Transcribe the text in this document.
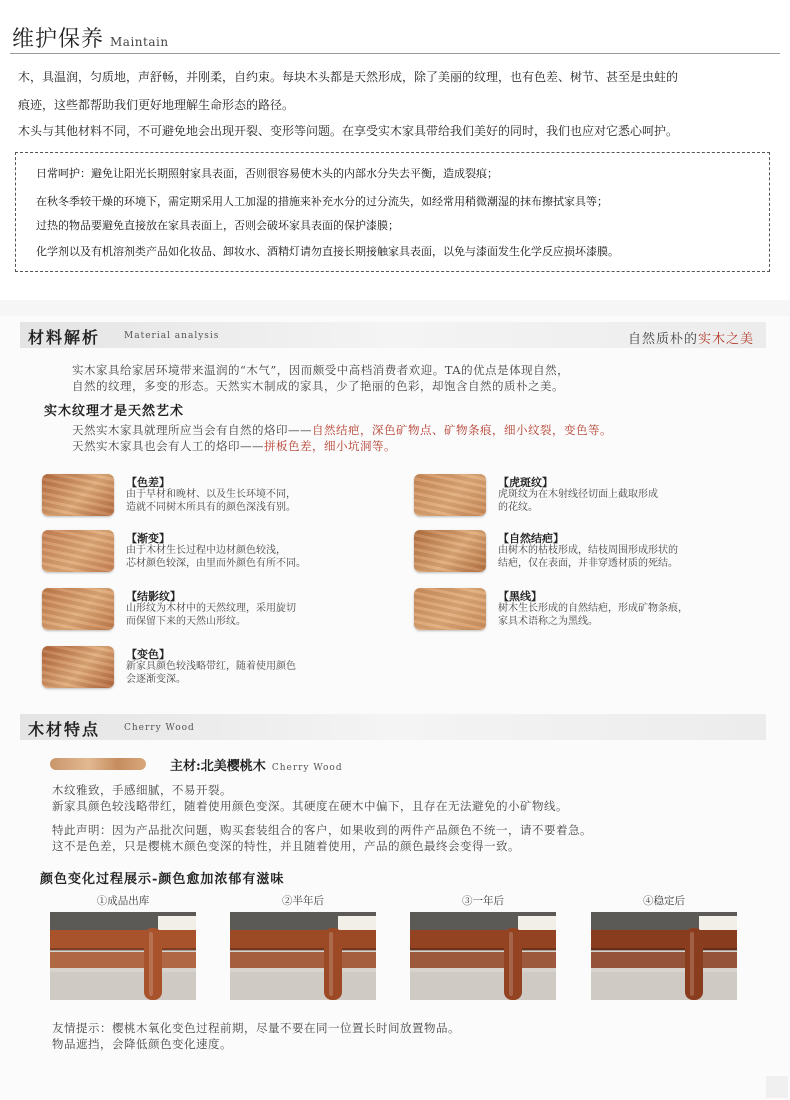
维护保养 Maintain
木，具温润，匀质地，声舒畅，并刚柔，自约束。每块木头都是天然形成，除了美丽的纹理，也有色差、树节、甚至是虫蛀的
痕迹，这些都帮助我们更好地理解生命形态的路径。
木头与其他材料不同，不可避免地会出现开裂、变形等问题。在享受实木家具带给我们美好的同时，我们也应对它悉心呵护。
日常呵护：避免让阳光长期照射家具表面，否则很容易使木头的内部水分失去平衡，造成裂痕；
在秋冬季较干燥的环境下，需定期采用人工加湿的措施来补充水分的过分流失，如经常用稍微潮湿的抹布擦拭家具等；
过热的物品要避免直接放在家具表面上，否则会破坏家具表面的保护漆膜；
化学剂以及有机溶剂类产品如化妆品、卸妆水、酒精灯请勿直接长期接触家具表面，以免与漆面发生化学反应损坏漆膜。
材料解析	Material analysis	自然质朴的实木之美
实木家具给家居环境带来温润的“木气”，因而颇受中高档消费者欢迎。TA的优点是体现自然，
自然的纹理，多变的形态。天然实木制成的家具，少了艳丽的色彩，却饱含自然的质朴之美。
实木纹理才是天然艺术
天然实木家具就理所应当会有自然的烙印——自然结疤，深色矿物点、矿物条痕，细小纹裂，变色等。
天然实木家具也会有人工的烙印——拼板色差，细小坑洞等。
木材特点	Cherry Wood
主材:北美樱桃木 Cherry Wood
木纹雅致，手感细腻，不易开裂。
新家具颜色较浅略带红，随着使用颜色变深。其硬度在硬木中偏下，且存在无法避免的小矿物线。
特此声明：因为产品批次问题，购买套装组合的客户，如果收到的两件产品颜色不统一，请不要着急。
这不是色差，只是樱桃木颜色变深的特性，并且随着使用，产品的颜色最终会变得一致。
颜色变化过程展示-颜色愈加浓郁有滋味
友情提示：樱桃木氧化变色过程前期，尽量不要在同一位置长时间放置物品。
物品遮挡，会降低颜色变化速度。
【色差】
由于早材和晚材、以及生长环境不同，
造就不同树木所具有的颜色深浅有别。
【虎斑纹】
虎斑纹为在木射线径切面上截取形成
的花纹。
【渐变】
由于木材生长过程中边材颜色较浅，
芯材颜色较深，由里而外颜色有所不同。
【自然结疤】
由树木的枯枝形成，结枝周围形成形状的
结疤，仅在表面，并非穿透材质的死结。
【结影纹】
山形纹为木材中的天然纹理，采用旋切
而保留下来的天然山形纹。
【黑线】
树木生长形成的自然结疤，形成矿物条痕，
家具术语称之为黑线。
【变色】
新家具颜色较浅略带红，随着使用颜色
会逐渐变深。
①成品出库	②半年后	③一年后	④稳定后
